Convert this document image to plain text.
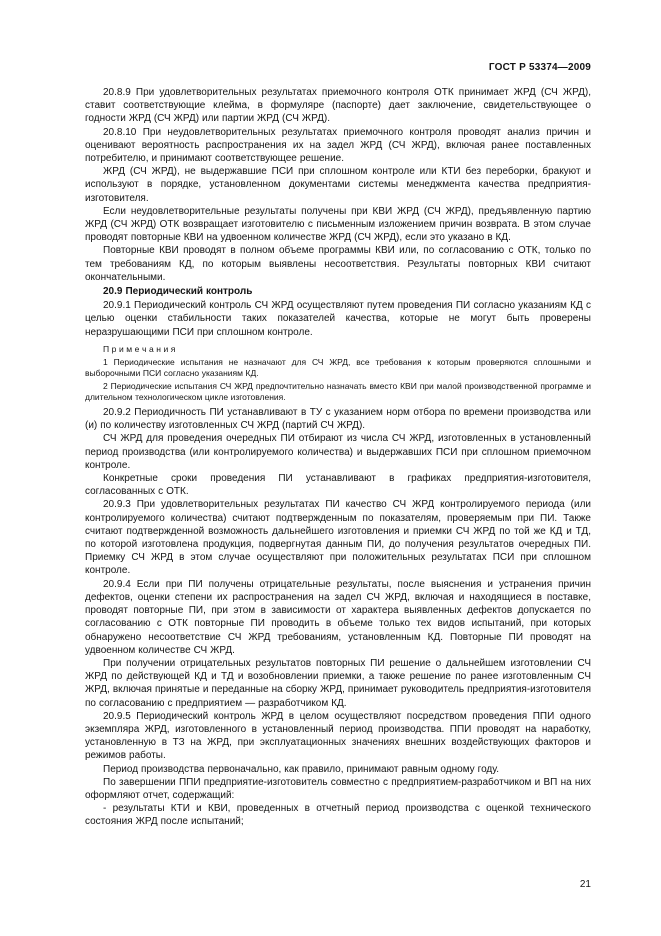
ГОСТ Р 53374—2009

20.8.9 При удовлетворительных результатах приемочного контроля ОТК принимает ЖРД (СЧ ЖРД), ставит соответствующие клейма, в формуляре (паспорте) дает заключение, свидетельствующее о годности ЖРД (СЧ ЖРД) или партии ЖРД (СЧ ЖРД).

20.8.10 При неудовлетворительных результатах приемочного контроля проводят анализ причин и оценивают вероятность распространения их на задел ЖРД (СЧ ЖРД), включая ранее поставленных потребителю, и принимают соответствующее решение.

ЖРД (СЧ ЖРД), не выдержавшие ПСИ при сплошном контроле или КТИ без переборки, бракуют и используют в порядке, установленном документами системы менеджмента качества предприятия-изготовителя.

Если неудовлетворительные результаты получены при КВИ ЖРД (СЧ ЖРД), предъявленную партию ЖРД (СЧ ЖРД) ОТК возвращает изготовителю с письменным изложением причин возврата. В этом случае проводят повторные КВИ на удвоенном количестве ЖРД (СЧ ЖРД), если это указано в КД.

Повторные КВИ проводят в полном объеме программы КВИ или, по согласованию с ОТК, только по тем требованиям КД, по которым выявлены несоответствия. Результаты повторных КВИ считают окончательными.

20.9 Периодический контроль

20.9.1 Периодический контроль СЧ ЖРД осуществляют путем проведения ПИ согласно указаниям КД с целью оценки стабильности таких показателей качества, которые не могут быть проверены неразрушающими ПСИ при сплошном контроле.

П р и м е ч а н и я

1 Периодические испытания не назначают для СЧ ЖРД, все требования к которым проверяются сплошными и выборочными ПСИ согласно указаниям КД.

2 Периодические испытания СЧ ЖРД предпочтительно назначать вместо КВИ при малой производственной программе и длительном технологическом цикле изготовления.

20.9.2 Периодичность ПИ устанавливают в ТУ с указанием норм отбора по времени производства или (и) по количеству изготовленных СЧ ЖРД (партий СЧ ЖРД).

СЧ ЖРД для проведения очередных ПИ отбирают из числа СЧ ЖРД, изготовленных в установленный период производства (или контролируемого количества) и выдержавших ПСИ при сплошном приемочном контроле.

Конкретные сроки проведения ПИ устанавливают в графиках предприятия-изготовителя, согласованных с ОТК.

20.9.3 При удовлетворительных результатах ПИ качество СЧ ЖРД контролируемого периода (или контролируемого количества) считают подтвержденным по показателям, проверяемым при ПИ. Также считают подтвержденной возможность дальнейшего изготовления и приемки СЧ ЖРД по той же КД и ТД, по которой изготовлена продукция, подвергнутая данным ПИ, до получения результатов очередных ПИ. Приемку СЧ ЖРД в этом случае осуществляют при положительных результатах ПСИ при сплошном контроле.

20.9.4 Если при ПИ получены отрицательные результаты, после выяснения и устранения причин дефектов, оценки степени их распространения на задел СЧ ЖРД, включая и находящиеся в поставке, проводят повторные ПИ, при этом в зависимости от характера выявленных дефектов допускается по согласованию с ОТК повторные ПИ проводить в объеме только тех видов испытаний, при которых обнаружено несоответствие СЧ ЖРД требованиям, установленным КД. Повторные ПИ проводят на удвоенном количестве СЧ ЖРД.

При получении отрицательных результатов повторных ПИ решение о дальнейшем изготовлении СЧ ЖРД по действующей КД и ТД и возобновлении приемки, а также решение по ранее изготовленным СЧ ЖРД, включая принятые и переданные на сборку ЖРД, принимает руководитель предприятия-изготовителя по согласованию с предприятием — разработчиком КД.

20.9.5 Периодический контроль ЖРД в целом осуществляют посредством проведения ППИ одного экземпляра ЖРД, изготовленного в установленный период производства. ППИ проводят на наработку, установленную в ТЗ на ЖРД, при эксплуатационных значениях внешних воздействующих факторов и режимов работы.

Период производства первоначально, как правило, принимают равным одному году.

По завершении ППИ предприятие-изготовитель совместно с предприятием-разработчиком и ВП на них оформляют отчет, содержащий:

- результаты КТИ и КВИ, проведенных в отчетный период производства с оценкой технического состояния ЖРД после испытаний;

21
